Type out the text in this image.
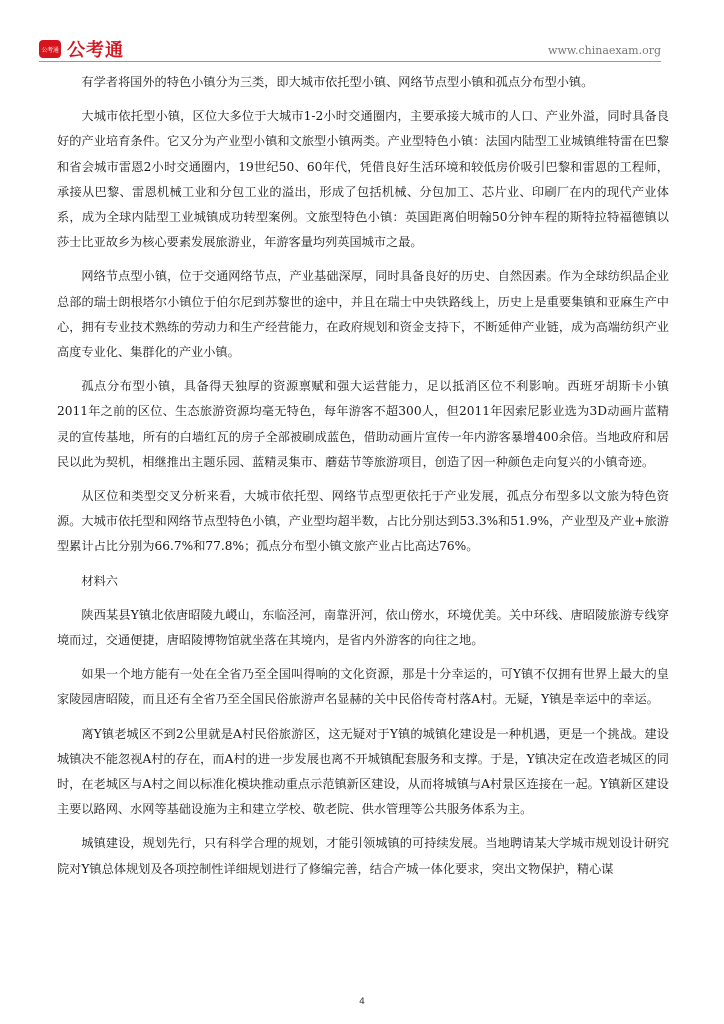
公考通 公考通	www.chinaexam.org

有学者将国外的特色小镇分为三类，即大城市依托型小镇、网络节点型小镇和孤点分布型小镇。

大城市依托型小镇，区位大多位于大城市1-2小时交通圈内，主要承接大城市的人口、产业外溢，同时具备良好的产业培育条件。它又分为产业型小镇和文旅型小镇两类。产业型特色小镇：法国内陆型工业城镇维特雷在巴黎和省会城市雷恩2小时交通圈内，19世纪50、60年代，凭借良好生活环境和较低房价吸引巴黎和雷恩的工程师，承接从巴黎、雷恩机械工业和分包工业的溢出，形成了包括机械、分包加工、芯片业、印刷厂在内的现代产业体系，成为全球内陆型工业城镇成功转型案例。文旅型特色小镇：英国距离伯明翰50分钟车程的斯特拉特福德镇以莎士比亚故乡为核心要素发展旅游业，年游客量均列英国城市之最。

网络节点型小镇，位于交通网络节点，产业基础深厚，同时具备良好的历史、自然因素。作为全球纺织品企业总部的瑞士朗根塔尔小镇位于伯尔尼到苏黎世的途中，并且在瑞士中央铁路线上，历史上是重要集镇和亚麻生产中心，拥有专业技术熟练的劳动力和生产经营能力，在政府规划和资金支持下，不断延伸产业链，成为高端纺织产业高度专业化、集群化的产业小镇。

孤点分布型小镇，具备得天独厚的资源禀赋和强大运营能力，足以抵消区位不利影响。西班牙胡斯卡小镇2011年之前的区位、生态旅游资源均毫无特色，每年游客不超300人，但2011年因索尼影业选为3D动画片蓝精灵的宣传基地，所有的白墙红瓦的房子全部被刷成蓝色，借助动画片宣传一年内游客暴增400余倍。当地政府和居民以此为契机，相继推出主题乐园、蓝精灵集市、蘑菇节等旅游项目，创造了因一种颜色走向复兴的小镇奇迹。

从区位和类型交叉分析来看，大城市依托型、网络节点型更依托于产业发展，孤点分布型多以文旅为特色资源。大城市依托型和网络节点型特色小镇，产业型均超半数，占比分别达到53.3%和51.9%，产业型及产业+旅游型累计占比分别为66.7%和77.8%；孤点分布型小镇文旅产业占比高达76%。

材料六

陕西某县Y镇北依唐昭陵九嵕山，东临泾河，南靠汧河，依山傍水，环境优美。关中环线、唐昭陵旅游专线穿境而过，交通便捷，唐昭陵博物馆就坐落在其境内，是省内外游客的向往之地。

如果一个地方能有一处在全省乃至全国叫得响的文化资源，那是十分幸运的，可Y镇不仅拥有世界上最大的皇家陵园唐昭陵，而且还有全省乃至全国民俗旅游声名显赫的关中民俗传奇村落A村。无疑，Y镇是幸运中的幸运。

离Y镇老城区不到2公里就是A村民俗旅游区，这无疑对于Y镇的城镇化建设是一种机遇，更是一个挑战。建设城镇决不能忽视A村的存在，而A村的进一步发展也离不开城镇配套服务和支撑。于是，Y镇决定在改造老城区的同时，在老城区与A村之间以标准化模块推动重点示范镇新区建设，从而将城镇与A村景区连接在一起。Y镇新区建设主要以路网、水网等基础设施为主和建立学校、敬老院、供水管理等公共服务体系为主。

城镇建设，规划先行，只有科学合理的规划，才能引领城镇的可持续发展。当地聘请某大学城市规划设计研究院对Y镇总体规划及各项控制性详细规划进行了修编完善，结合产城一体化要求，突出文物保护，精心谋

4
